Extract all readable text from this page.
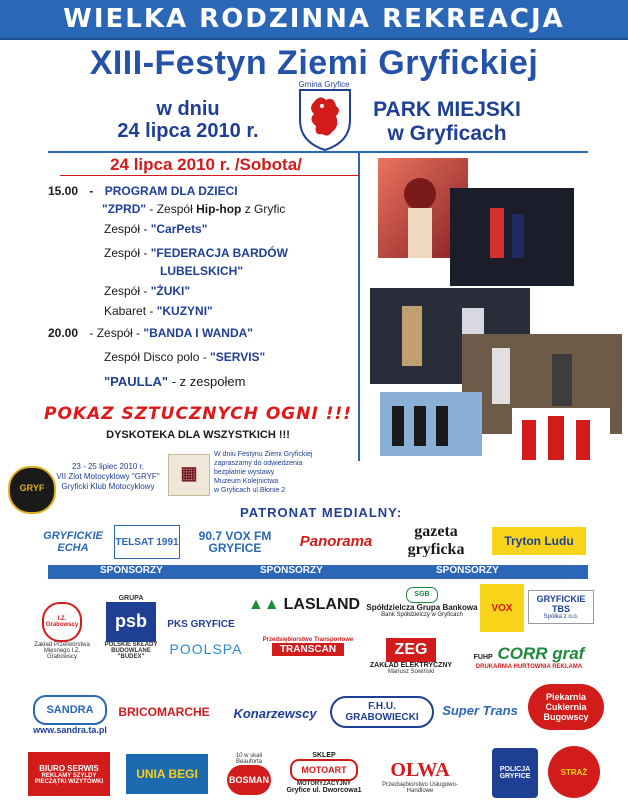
WIELKA RODZINNA REKREACJA
XIII-Festyn Ziemi Gryfickiej
w dniu
24 lipca 2010 r.
Gmina Gryfice
PARK MIEJSKI
w Gryficach
24 lipca 2010 r. /Sobota/
15.00 - PROGRAM DLA DZIECI
"ZPRD" - Zespół Hip-hop z Gryfic
Zespół - "CarPets"
Zespół - "FEDERACJA BARDÓW
LUBELSKICH"
Zespół - "ŻUKI"
Kabaret - "KUZYNI"
20.00 - Zespół - "BANDA I WANDA"
Zespół Disco polo - "SERVIS"
"PAULLA" - z zespołem
POKAZ SZTUCZNYCH OGNI !!!
DYSKOTEKA DLA WSZYSTKICH !!!
GRYF
23 - 25 lipiec 2010 r.
VII Zlot Motocyklowy "GRYF"
Gryficki Klub Motocyklowy
▦
W dniu Festynu Ziemi Gryfickiej
zapraszamy do odwiedzenia
bezpłatnie wystawy
Muzeum Kolejnictwa
w Gryficach ul.Błonie 2
PATRONAT MEDIALNY:
GRYFICKIE ECHA	TELSAT 1991	90.7 VOX FM GRYFICE	Panorama
gazeta gryficka	Tryton Ludu
SPONSORZY	SPONSORZY	SPONSORZY
I.Z. Grabowscy
Zakład Przetwórstwa Mięsnego I.Z. Grabowscy
GRUPA
psb
POLSKIE SKŁADY BUDOWLANE "BUDEX"
PKS GRYFICE
▲▲ LASLAND
SGB
Spółdzielcza Grupa Bankowa
Bank Spółdzielczy w Gryficach
VOX
GRYFICKIE TBS
Spółka z o.o.
POOLSPA
Przedsiębiorstwo Transportowe
TRANSCAN	ZEG
ZAKŁAD ELEKTRYCZNY
Mariusz Sowiński
FUHP CORR graf
DRUKARNIA HURTOWNIA REKLAMA
SANDRA
www.sandra.ta.pl
BRICOMARCHE	Konarzewscy	F.H.U. GRABOWIECKI	Super Trans
Piekarnia Cukiernia Bugowscy
BIURO SERWIS
REKLAMY SZYLDY PIECZĄTKI WIZYTÓWKI
UNIA BEGI
10 w skali Beauforta
BOSMAN
SKLEP
MOTOART
MOTORYZACYJNY
Gryfice ul. Dworcowa1
OLWA
Przedsiębiorstwo Usługowo-Handlowe
POLICJA GRYFICE	STRAŻ
